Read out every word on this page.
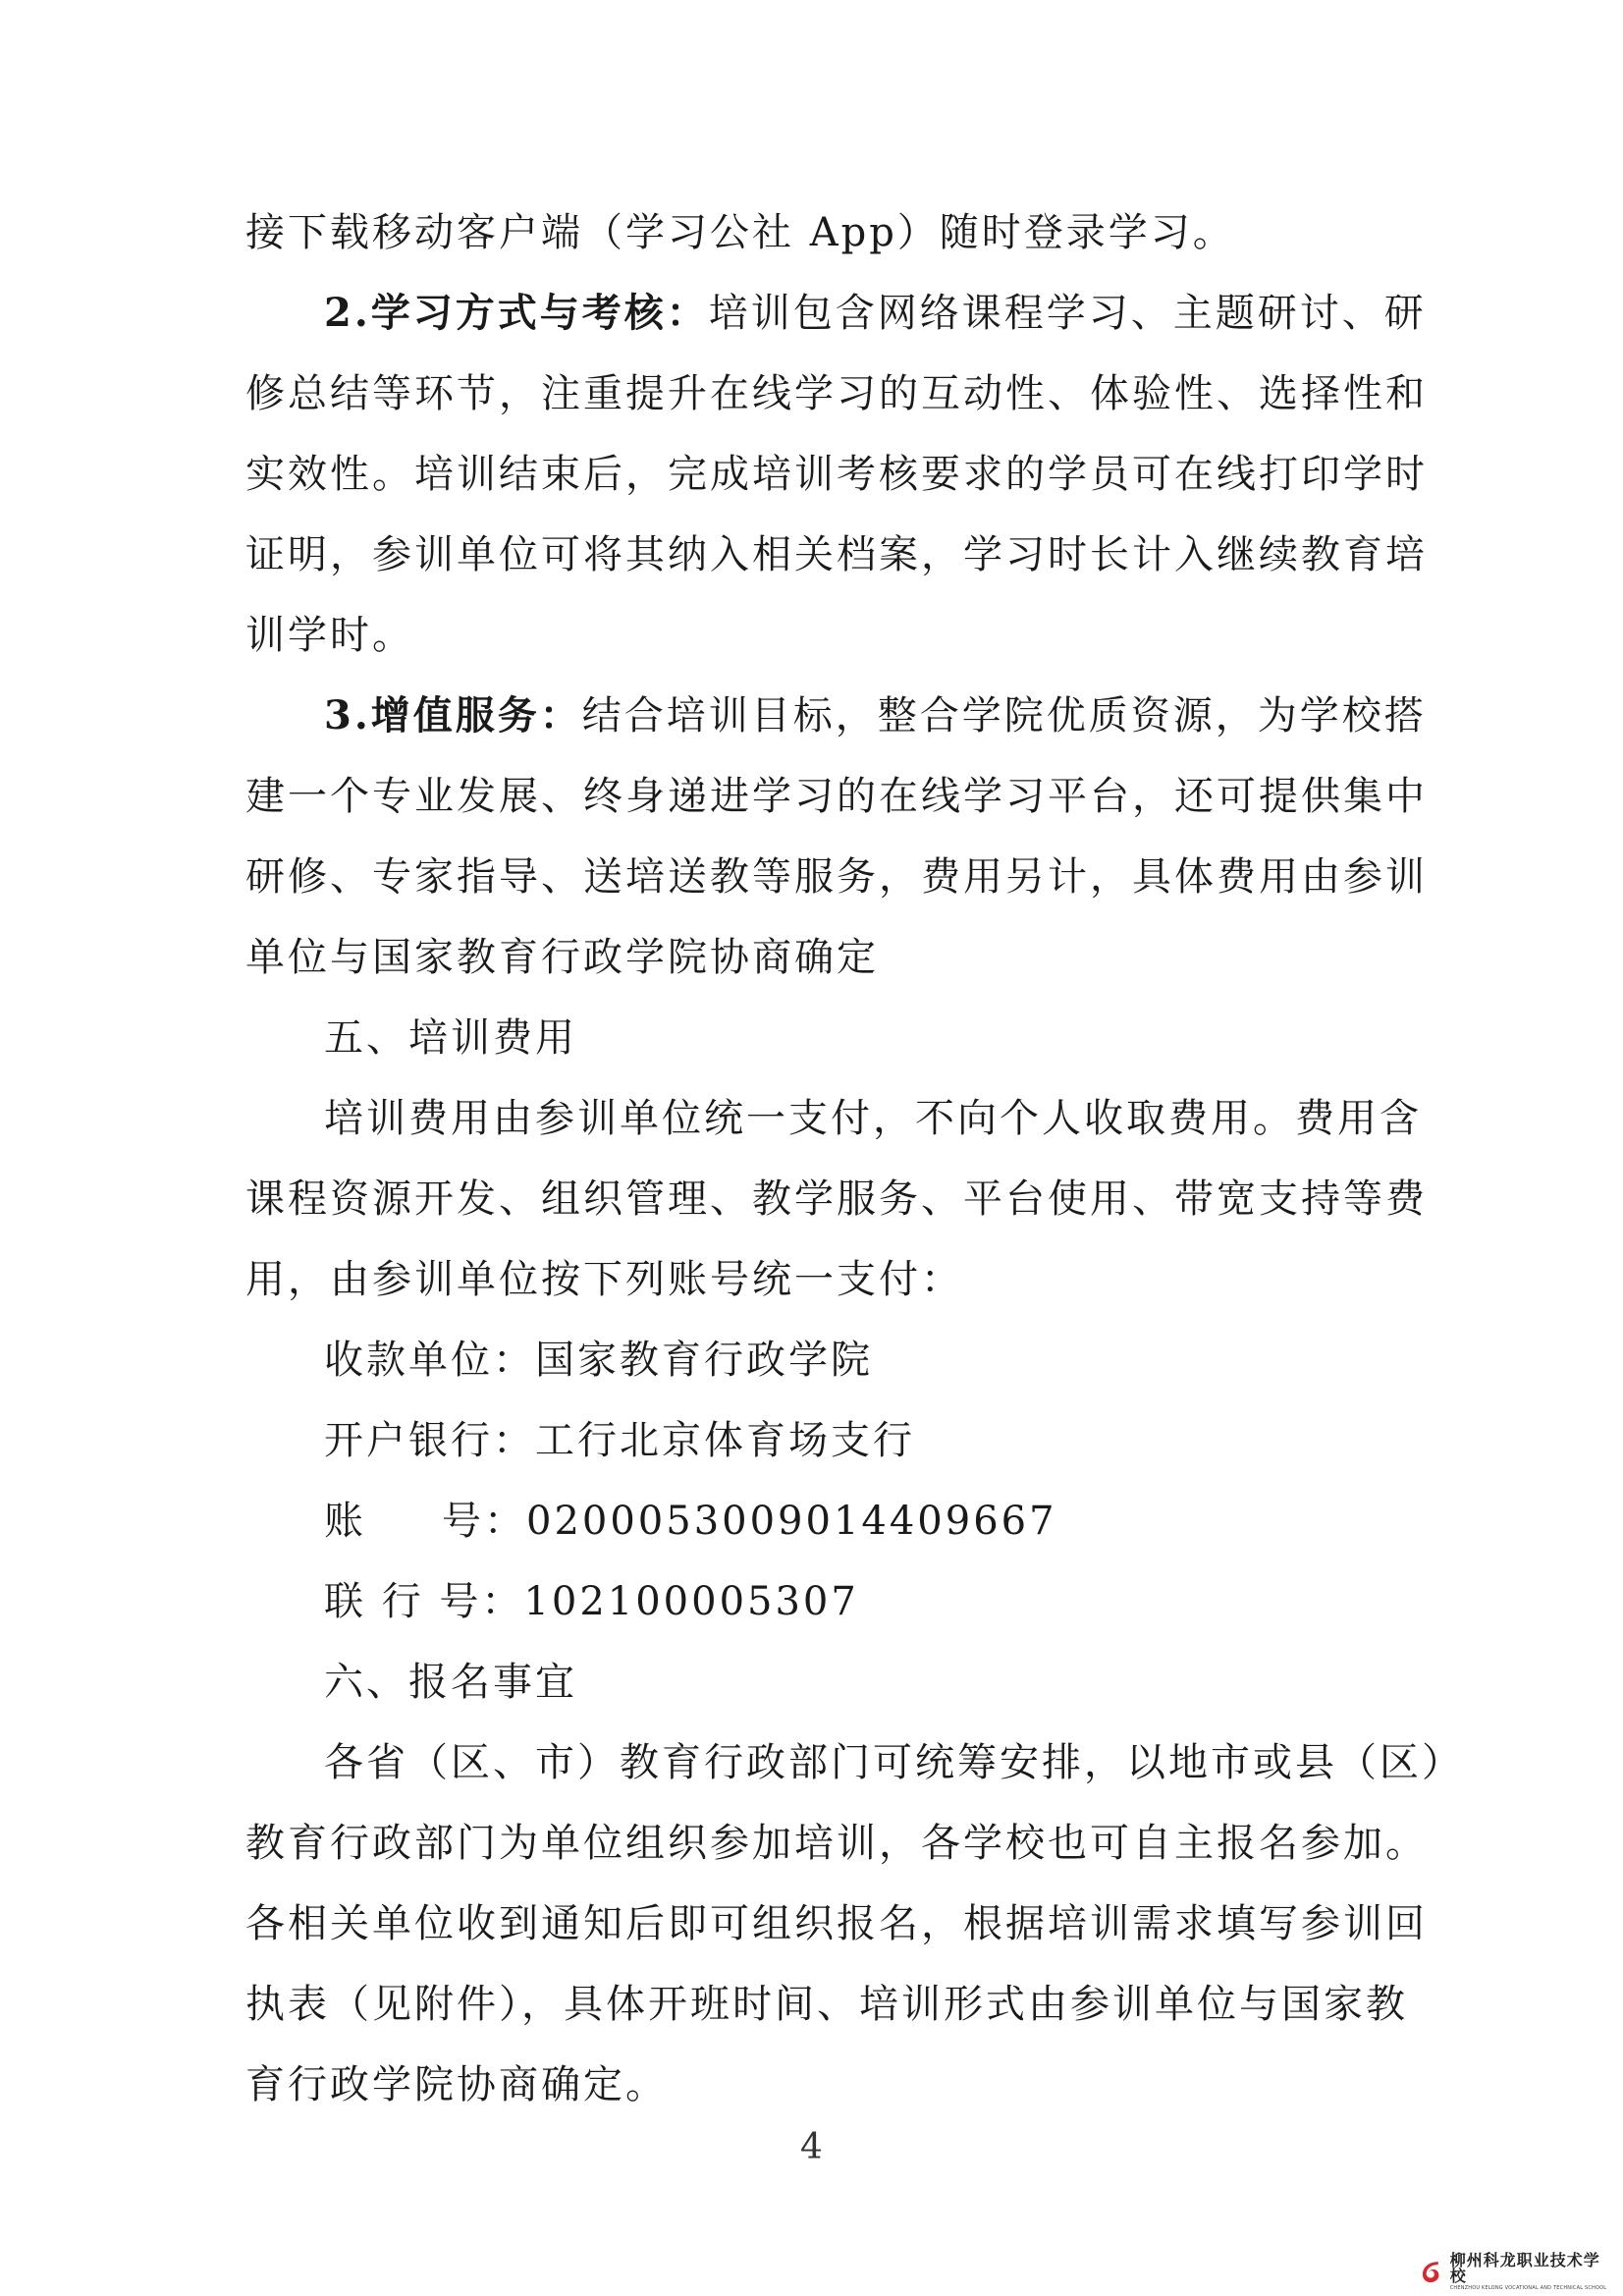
接下载移动客户端（学习公社 App）随时登录学习。
2.学习方式与考核：培训包含网络课程学习、主题研讨、研
修总结等环节，注重提升在线学习的互动性、体验性、选择性和
实效性。培训结束后，完成培训考核要求的学员可在线打印学时
证明，参训单位可将其纳入相关档案，学习时长计入继续教育培
训学时。
3.增值服务：结合培训目标，整合学院优质资源，为学校搭
建一个专业发展、终身递进学习的在线学习平台，还可提供集中
研修、专家指导、送培送教等服务，费用另计，具体费用由参训
单位与国家教育行政学院协商确定
五、培训费用
培训费用由参训单位统一支付，不向个人收取费用。费用含
课程资源开发、组织管理、教学服务、平台使用、带宽支持等费
用，由参训单位按下列账号统一支付：
收款单位：国家教育行政学院
开户银行：工行北京体育场支行
账 号：0200053009014409667
联 行 号：102100005307
六、报名事宜
各省（区、市）教育行政部门可统筹安排，以地市或县（区）
教育行政部门为单位组织参加培训，各学校也可自主报名参加。
各相关单位收到通知后即可组织报名，根据培训需求填写参训回
执表（见附件），具体开班时间、培训形式由参训单位与国家教
育行政学院协商确定。
4
柳州科龙职业技术学校
CHENZHOU KELONG VOCATIONAL AND TECHNICAL SCHOOL
